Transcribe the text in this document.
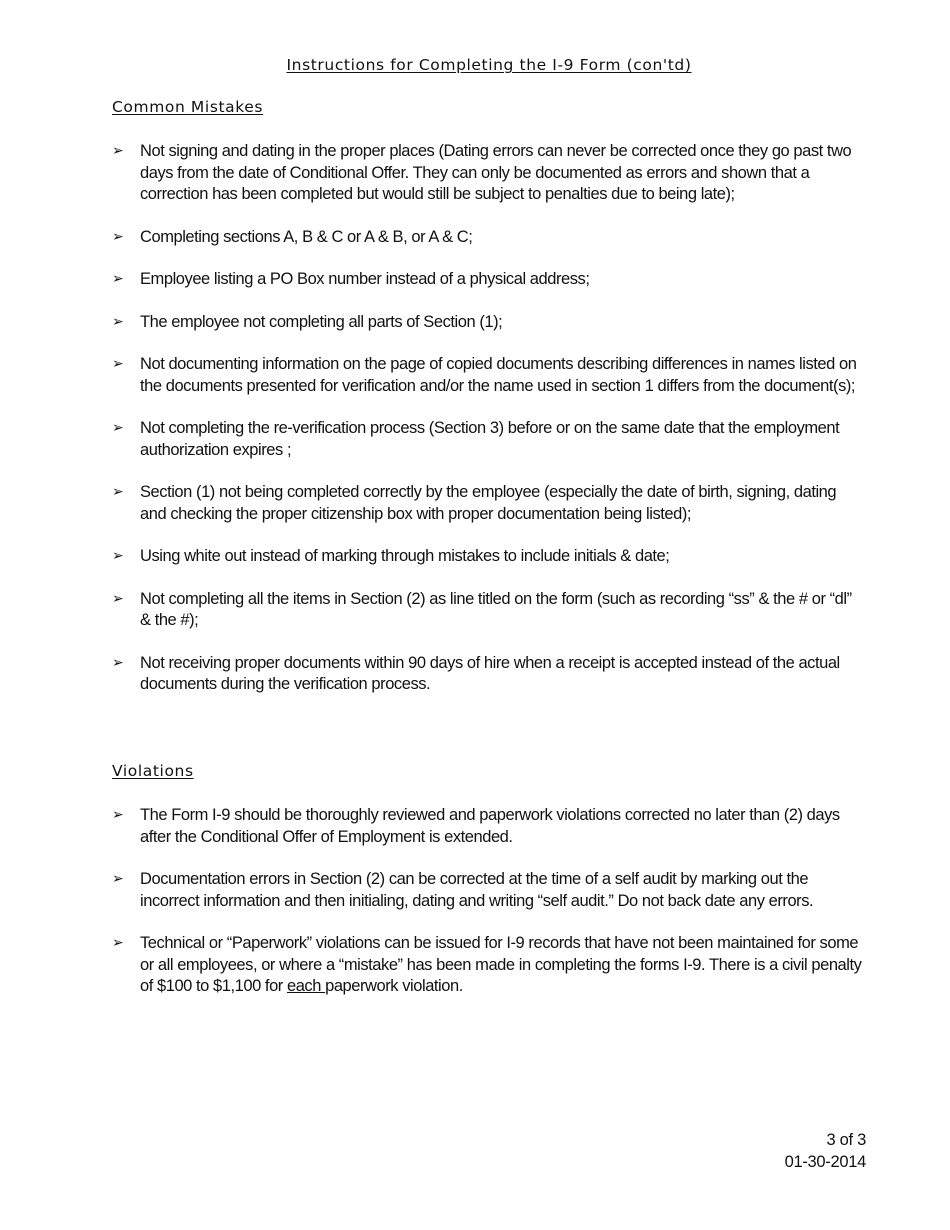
Instructions for Completing the I-9 Form (con'td)
Common Mistakes
➢ Not signing and dating in the proper places (Dating errors can never be corrected once they go past two days from the date of Conditional Offer. They can only be documented as errors and shown that a correction has been completed but would still be subject to penalties due to being late);
➢ Completing sections A, B & C or A & B, or A & C;
➢ Employee listing a PO Box number instead of a physical address;
➢ The employee not completing all parts of Section (1);
➢ Not documenting information on the page of copied documents describing differences in names listed on the documents presented for verification and/or the name used in section 1 differs from the document(s);
➢ Not completing the re-verification process (Section 3) before or on the same date that the employment authorization expires ;
➢ Section (1) not being completed correctly by the employee (especially the date of birth, signing, dating and checking the proper citizenship box with proper documentation being listed);
➢ Using white out instead of marking through mistakes to include initials & date;
➢ Not completing all the items in Section (2) as line titled on the form (such as recording “ss” & the # or “dl” & the #);
➢ Not receiving proper documents within 90 days of hire when a receipt is accepted instead of the actual documents during the verification process.
Violations
➢ The Form I-9 should be thoroughly reviewed and paperwork violations corrected no later than (2) days after the Conditional Offer of Employment is extended.
➢ Documentation errors in Section (2) can be corrected at the time of a self audit by marking out the incorrect information and then initialing, dating and writing “self audit.” Do not back date any errors.
➢ Technical or “Paperwork” violations can be issued for I-9 records that have not been maintained for some or all employees, or where a “mistake” has been made in completing the forms I-9. There is a civil penalty of $100 to $1,100 for each paperwork violation.
3 of 3
01-30-2014
